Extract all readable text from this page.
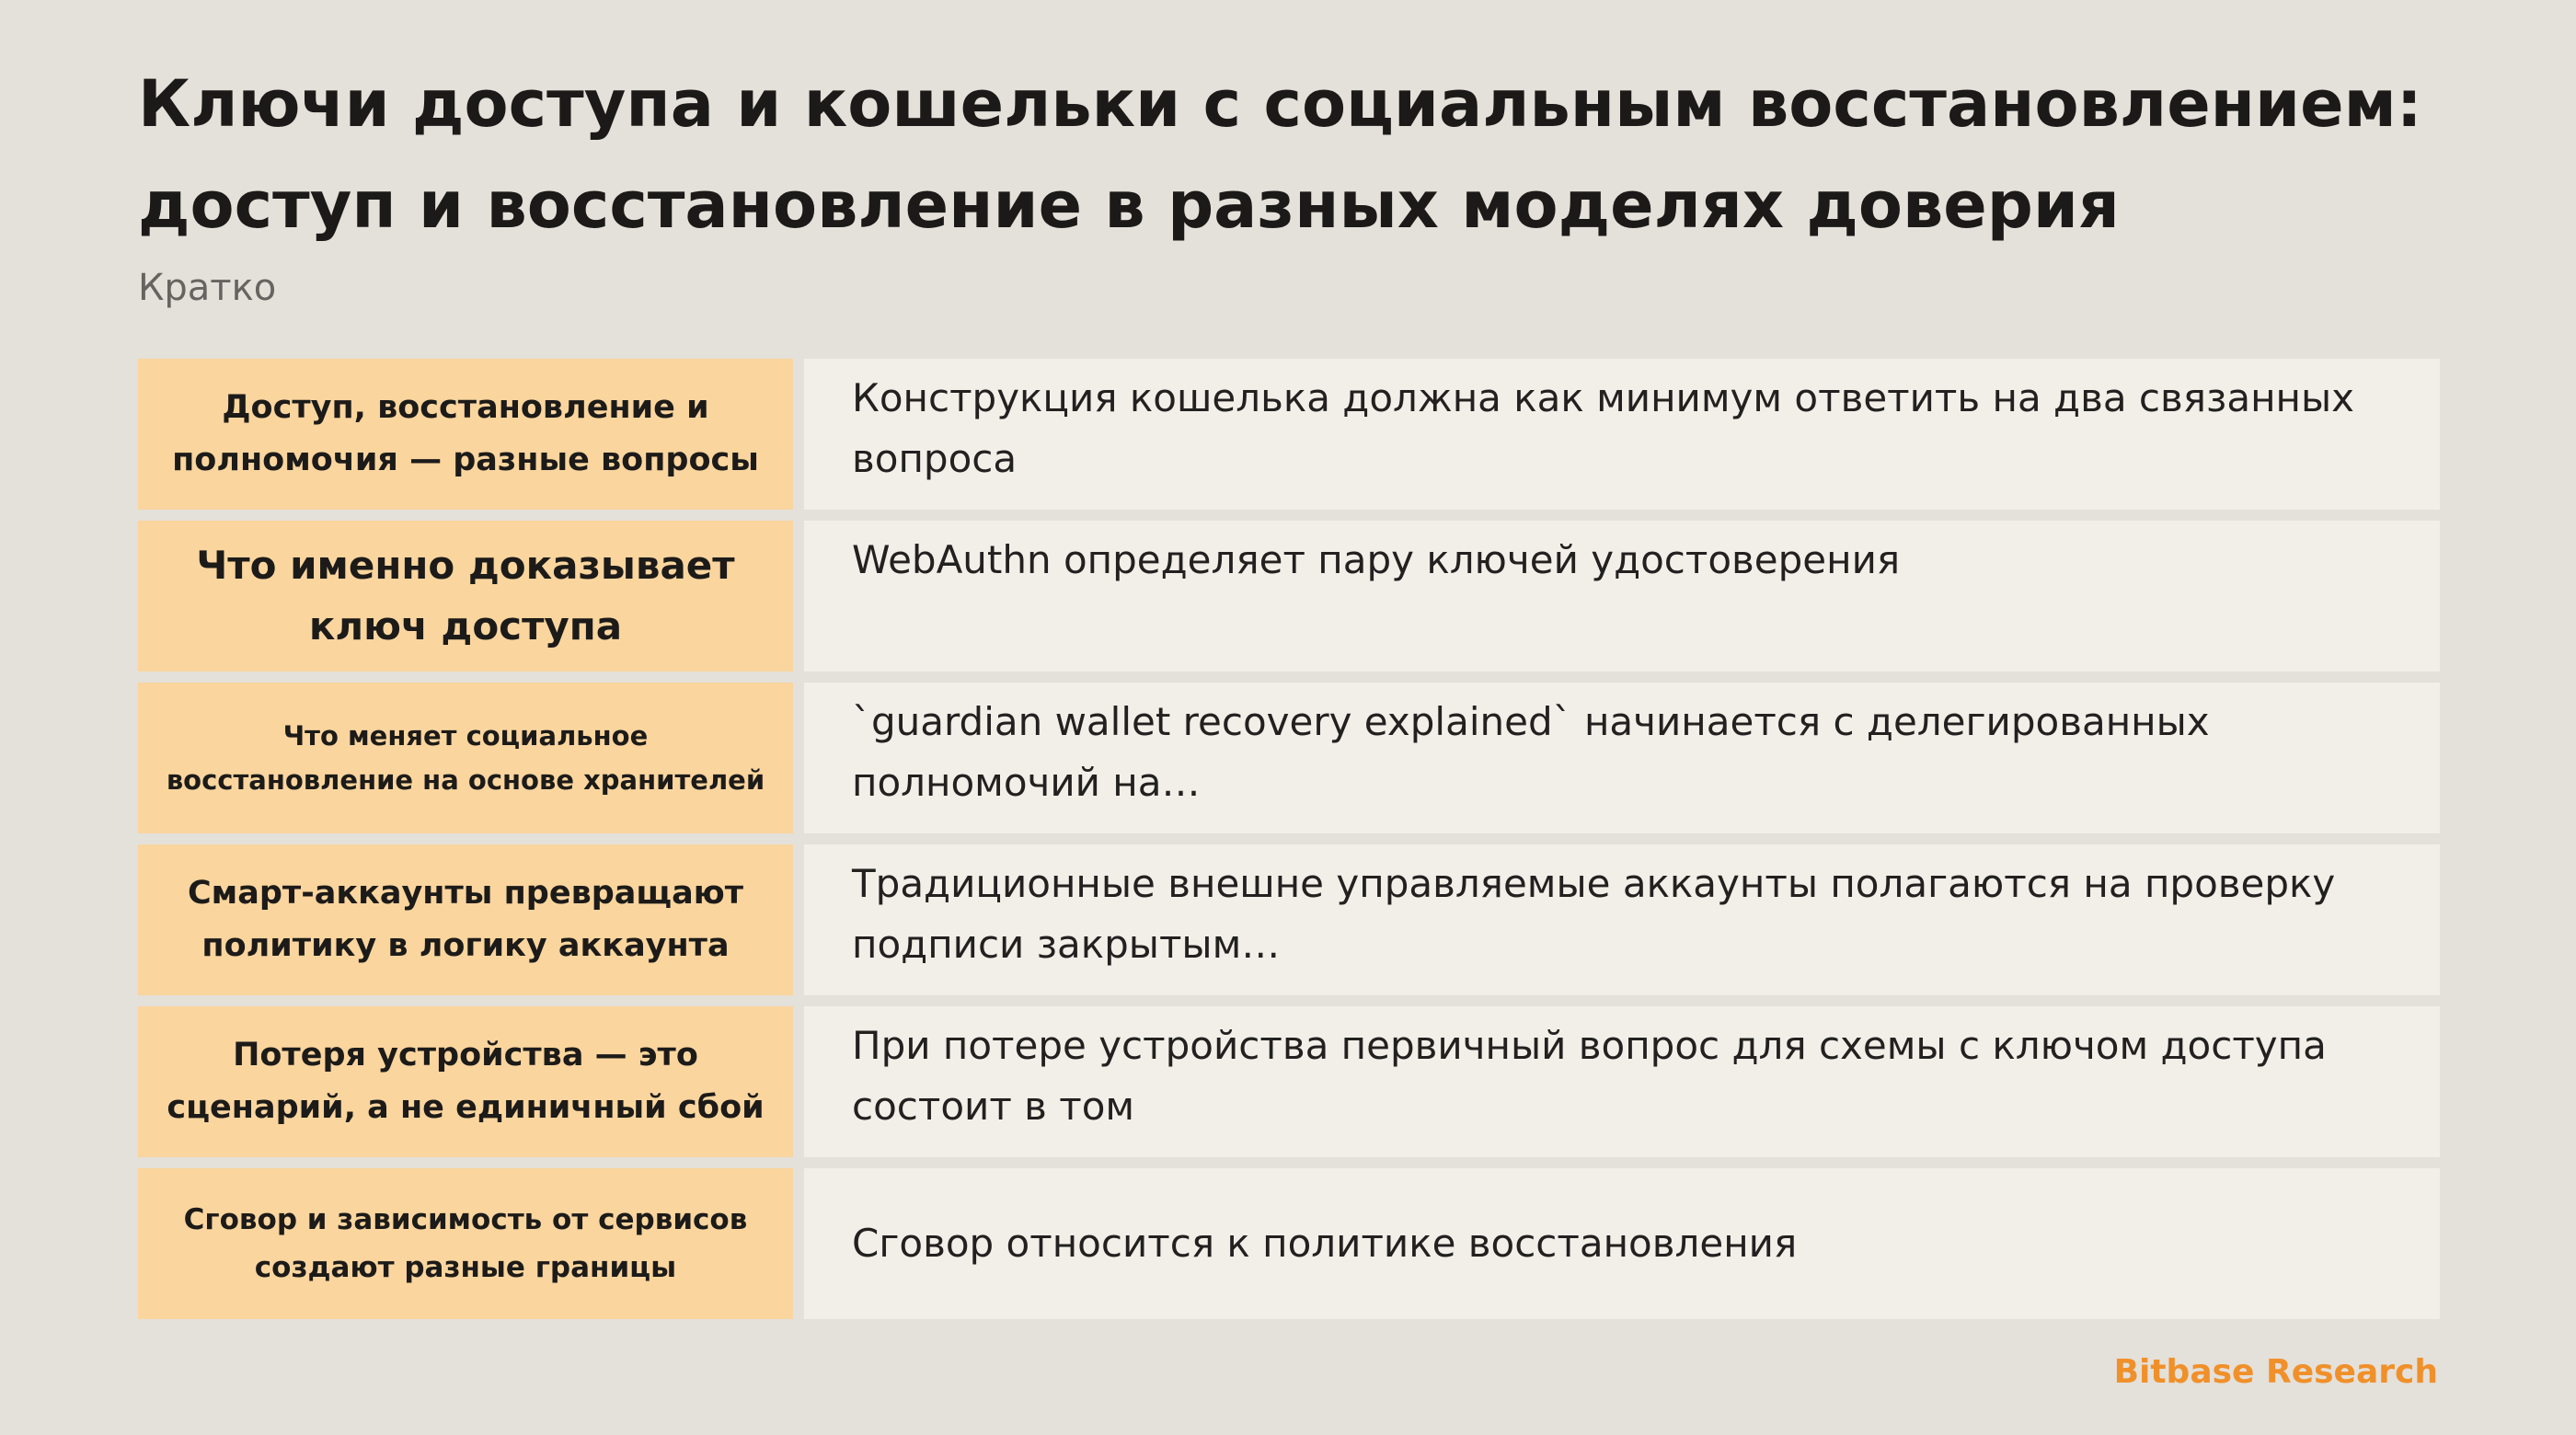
Ключи доступа и кошельки с социальным восстановлением:
доступ и восстановление в разных моделях доверия
Кратко
Доступ, восстановление и полномочия — разные вопросы
Конструкция кошелька должна как минимум ответить на два связанных вопроса
Что именно доказывает ключ доступа
WebAuthn определяет пару ключей удостоверения
Что меняет социальное восстановление на основе хранителей
`guardian wallet recovery explained` начинается с делегированных полномочий на…
Смарт-аккаунты превращают политику в логику аккаунта
Традиционные внешне управляемые аккаунты полагаются на проверку подписи закрытым…
Потеря устройства — это сценарий, а не единичный сбой
При потере устройства первичный вопрос для схемы с ключом доступа состоит в том
Сговор и зависимость от сервисов создают разные границы
Сговор относится к политике восстановления
Bitbase Research
